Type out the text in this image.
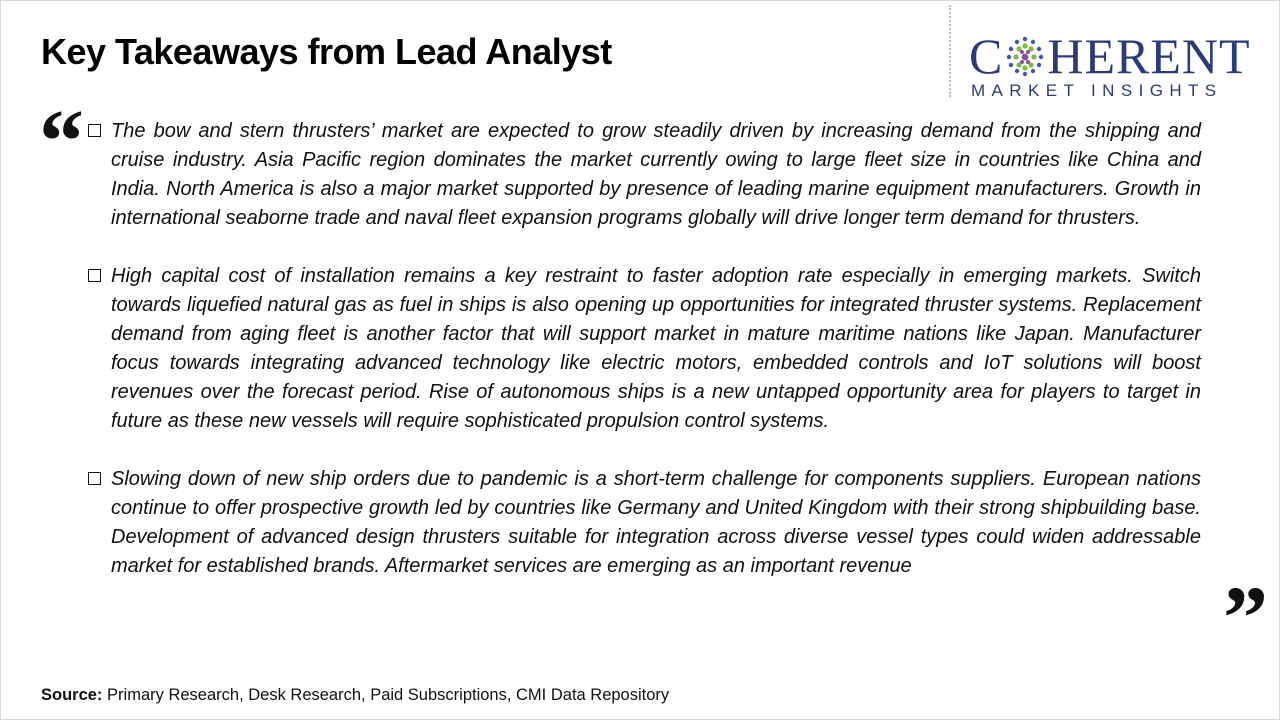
Key Takeaways from Lead Analyst	C HERENT
MARKET INSIGHTS
“ The bow and stern thrusters’ market are expected to grow steadily driven by increasing demand from the shipping and cruise industry. Asia Pacific region dominates the market currently owing to large fleet size in countries like China and India. North America is also a major market supported by presence of leading marine equipment manufacturers. Growth in international seaborne trade and naval fleet expansion programs globally will drive longer term demand for thrusters.

High capital cost of installation remains a key restraint to faster adoption rate especially in emerging markets. Switch towards liquefied natural gas as fuel in ships is also opening up opportunities for integrated thruster systems. Replacement demand from aging fleet is another factor that will support market in mature maritime nations like Japan. Manufacturer focus towards integrating advanced technology like electric motors, embedded controls and IoT solutions will boost revenues over the forecast period. Rise of autonomous ships is a new untapped opportunity area for players to target in future as these new vessels will require sophisticated propulsion control systems.

Slowing down of new ship orders due to pandemic is a short-term challenge for components suppliers. European nations continue to offer prospective growth led by countries like Germany and United Kingdom with their strong shipbuilding base. Development of advanced design thrusters suitable for integration across diverse vessel types could widen addressable market for established brands. Aftermarket services are emerging as an important revenue

”
Source: Primary Research, Desk Research, Paid Subscriptions, CMI Data Repository
